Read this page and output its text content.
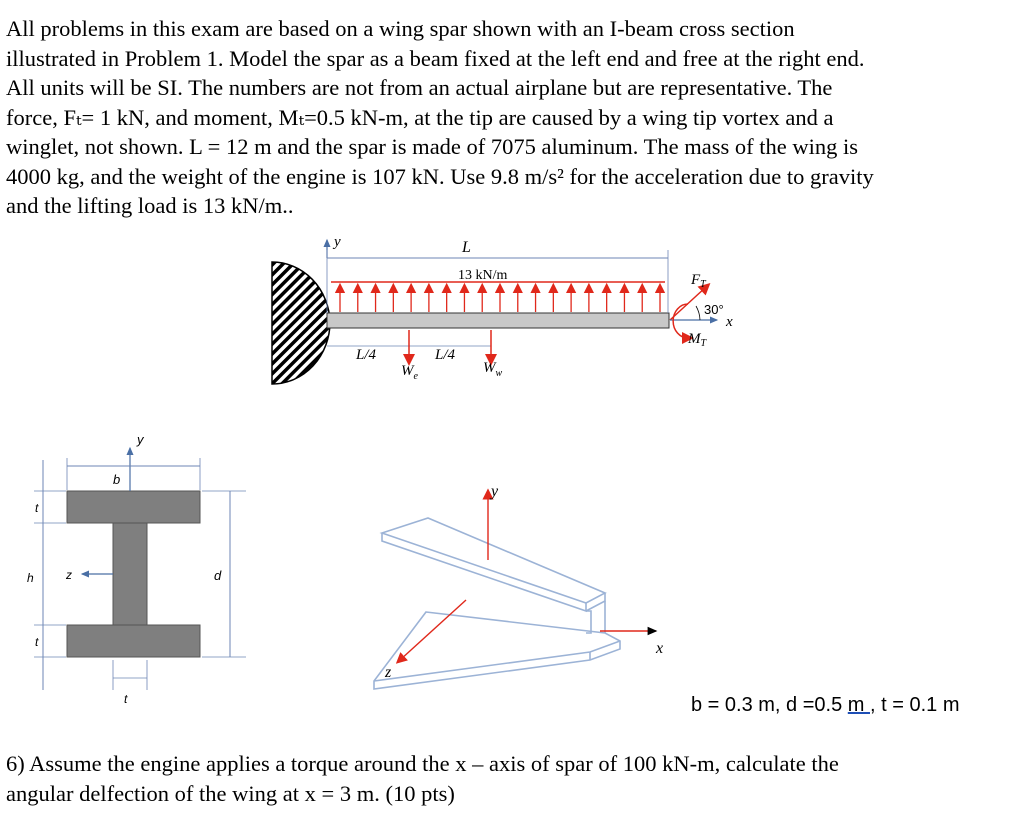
All problems in this exam are based on a wing spar shown with an I-beam cross section
illustrated in Problem 1. Model the spar as a beam fixed at the left end and free at the right end.
All units will be SI. The numbers are not from an actual airplane but are representative. The
force, Fₜ= 1 kN, and moment, Mₜ=0.5 kN-m, at the tip are caused by a wing tip vortex and a
winglet, not shown. L = 12 m and the spar is made of 7075 aluminum. The mass of the wing is
4000 kg, and the weight of the engine is 107 kN. Use 9.8 m/s² for the acceleration due to gravity
and the lifting load is 13 kN/m..
y	L
13 kN/m	$F_T$
x
30°
$M_T$
L/4	L/4
$W_e$
$W_w$
y
b
t
h
t
z	d
t
y
x
z
b = 0.3 m, d =0.5 m , t = 0.1 m
6) Assume the engine applies a torque around the x – axis of spar of 100 kN-m, calculate the
angular delfection of the wing at x = 3 m. (10 pts)
